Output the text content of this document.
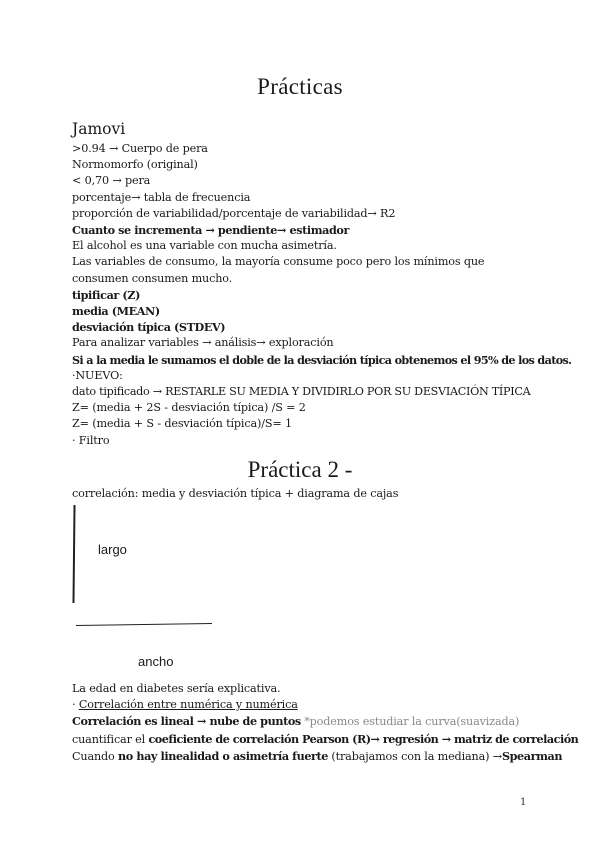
Prácticas
Jamovi
>0.94 → Cuerpo de pera
Normomorfo (original)
< 0,70 → pera
porcentaje→ tabla de frecuencia
proporción de variabilidad/porcentaje de variabilidad→ R2
Cuanto se incrementa → pendiente→ estimador
El alcohol es una variable con mucha asimetría.
Las variables de consumo, la mayoría consume poco pero los mínimos que consumen consumen mucho.
tipificar (Z)
media (MEAN)
desviación típica (STDEV)
Para analizar variables → análisis→ exploración
Si a la media le sumamos el doble de la desviación típica obtenemos el 95% de los datos.
·NUEVO:
dato tipificado → RESTARLE SU MEDIA Y DIVIDIRLO POR SU DESVIACIÓN TÍPICA
Z= (media + 2S - desviación típica) /S = 2
Z= (media + S - desviación típica)/S= 1
· Filtro
Práctica 2 -
correlación: media y desviación típica + diagrama de cajas
largo
ancho
La edad en diabetes sería explicativa.
· Correlación entre numérica y numérica
Correlación es lineal → nube de puntos *podemos estudiar la curva(suavizada)
cuantificar el coeficiente de correlación Pearson (R)→ regresión → matriz de correlación
Cuando no hay linealidad o asimetría fuerte (trabajamos con la mediana) →Spearman
1
